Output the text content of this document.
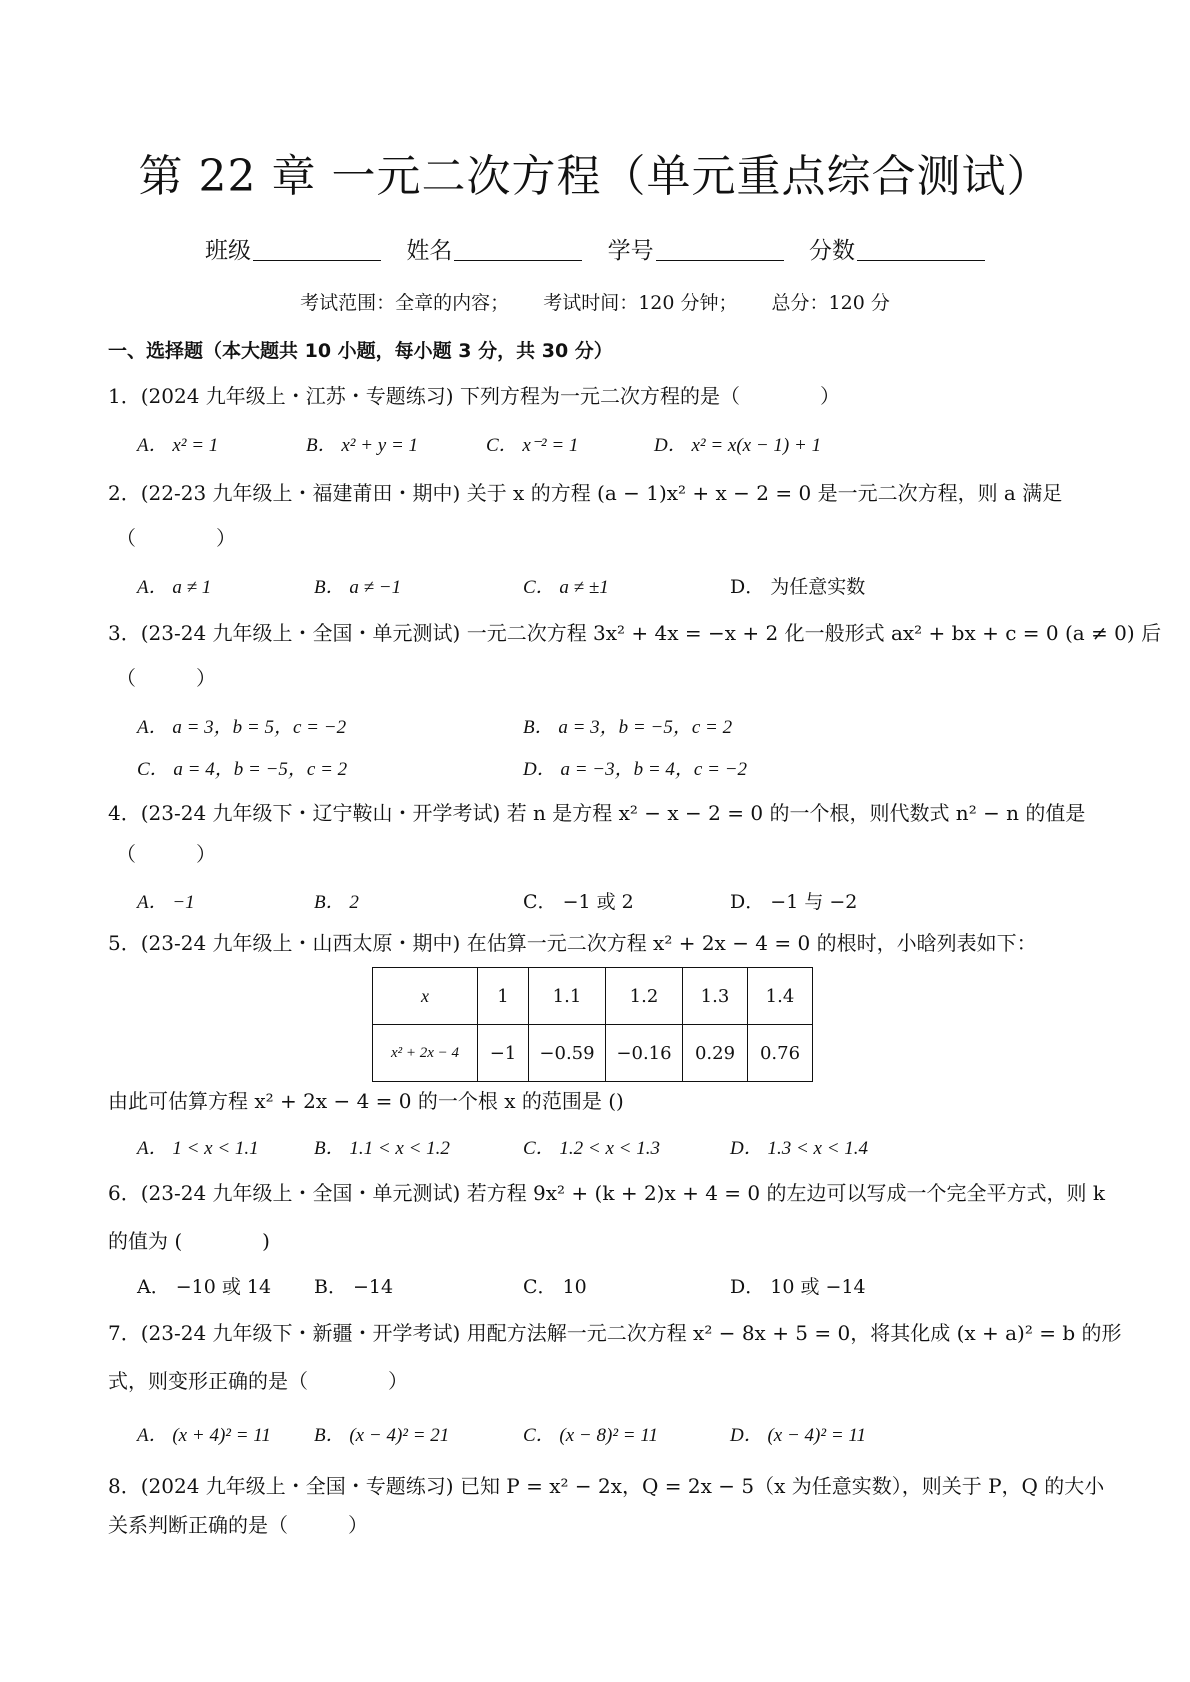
第 22 章 一元二次方程（单元重点综合测试）
班级	姓名	学号	分数
考试范围：全章的内容； 考试时间：120 分钟； 总分：120 分
一、选择题（本大题共 10 小题，每小题 3 分，共 30 分）
1．(2024 九年级上・江苏・专题练习) 下列方程为一元二次方程的是（　　　　）
A． x² = 1	B． x² + y = 1	C． x⁻² = 1	D． x² = x(x − 1) + 1
2．(22-23 九年级上・福建莆田・期中) 关于 x 的方程 (a − 1)x² + x − 2 = 0 是一元二次方程，则 a 满足
（　　　　）
A． a ≠ 1	B． a ≠ −1	C． a ≠ ±1	D． 为任意实数
3．(23-24 九年级上・全国・单元测试) 一元二次方程 3x² + 4x = −x + 2 化一般形式 ax² + bx + c = 0 (a ≠ 0) 后
（　　　）
A． a = 3，b = 5，c = −2	B． a = 3，b = −5，c = 2
C． a = 4，b = −5，c = 2	D． a = −3，b = 4，c = −2
4．(23-24 九年级下・辽宁鞍山・开学考试) 若 n 是方程 x² − x − 2 = 0 的一个根，则代数式 n² − n 的值是
（　　　）
A． −1	B． 2	C． −1 或 2	D． −1 与 −2
5．(23-24 九年级上・山西太原・期中) 在估算一元二次方程 x² + 2x − 4 = 0 的根时，小晗列表如下：
x	1	1.1	1.2	1.3	1.4
x² + 2x − 4	−1	−0.59	−0.16	0.29	0.76
由此可估算方程 x² + 2x − 4 = 0 的一个根 x 的范围是 ()
A． 1 < x < 1.1	B． 1.1 < x < 1.2	C． 1.2 < x < 1.3	D． 1.3 < x < 1.4
6．(23-24 九年级上・全国・单元测试) 若方程 9x² + (k + 2)x + 4 = 0 的左边可以写成一个完全平方式，则 k
的值为 (　　　　)
A． −10 或 14 B． −14	C． 10	D． 10 或 −14
7．(23-24 九年级下・新疆・开学考试) 用配方法解一元二次方程 x² − 8x + 5 = 0，将其化成 (x + a)² = b 的形
式，则变形正确的是（　　　　）
A． (x + 4)² = 11 B． (x − 4)² = 21	C． (x − 8)² = 11	D． (x − 4)² = 11
8．(2024 九年级上・全国・专题练习) 已知 P = x² − 2x，Q = 2x − 5（x 为任意实数），则关于 P，Q 的大小
关系判断正确的是（　　　）
